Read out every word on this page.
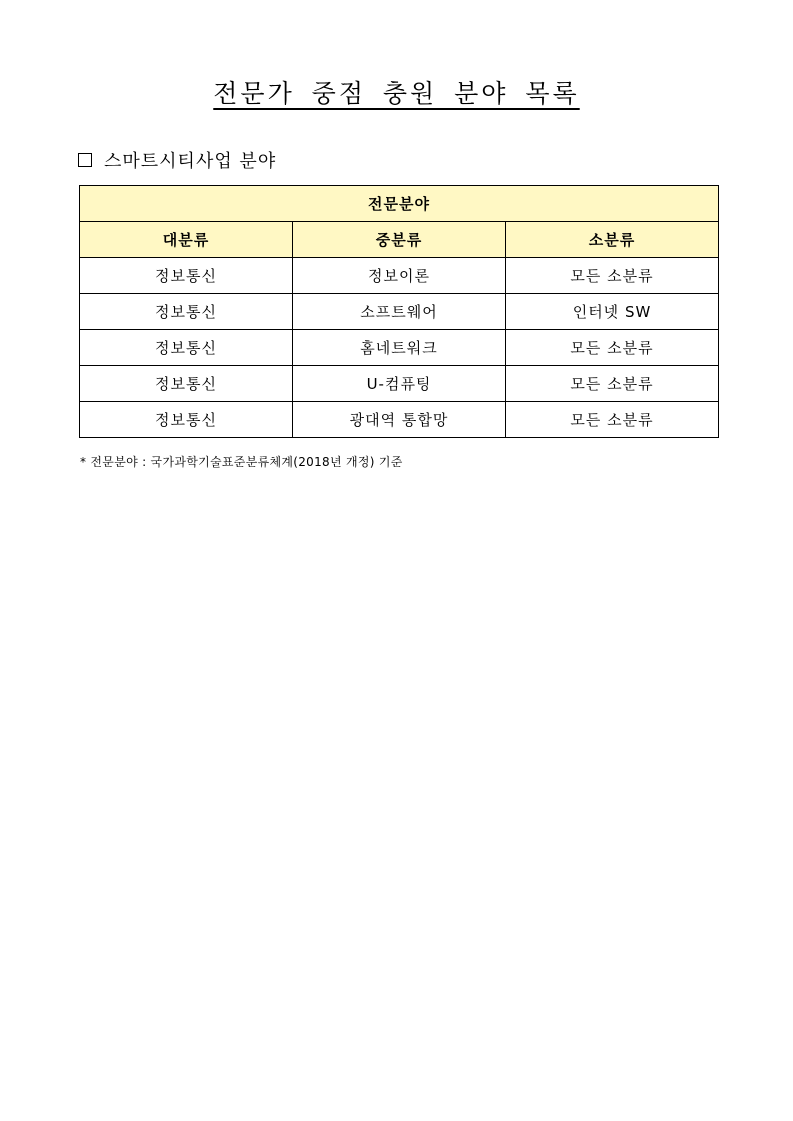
전문가 중점 충원 분야 목록
스마트시티사업 분야
전문분야		
대분류	중분류	소분류
정보통신	정보이론	모든 소분류
정보통신	소프트웨어	인터넷 SW
정보통신	홈네트워크	모든 소분류
정보통신	U-컴퓨팅	모든 소분류
정보통신	광대역 통합망	모든 소분류
* 전문분야 : 국가과학기술표준분류체계(2018년 개정) 기준
